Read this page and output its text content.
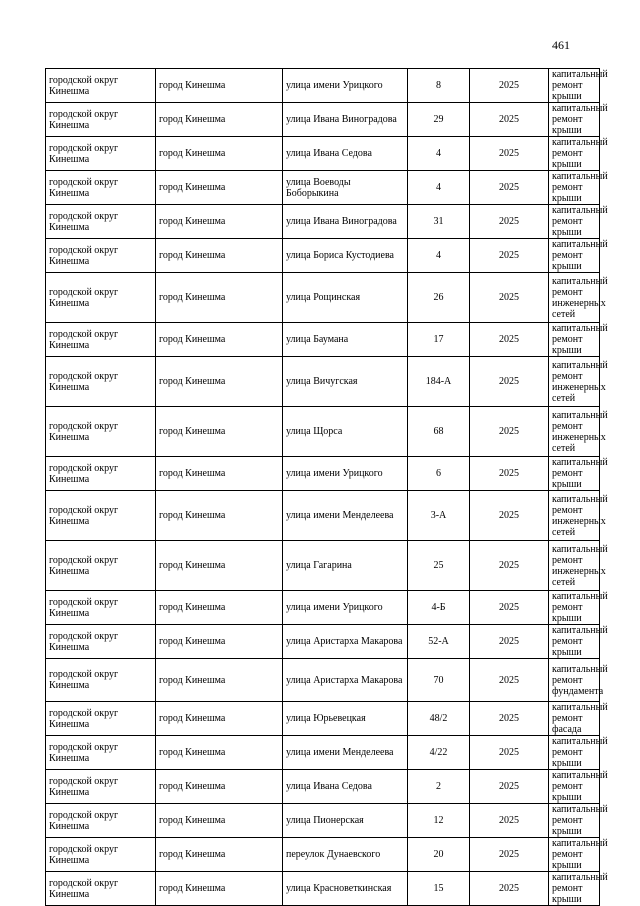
461
городской округ Кинешма	город Кинешма	улица имени Урицкого	8	2025	капитальный ремонт крыши
городской округ Кинешма	город Кинешма	улица Ивана Виноградова	29	2025	капитальный ремонт крыши
городской округ Кинешма	город Кинешма	улица Ивана Седова	4	2025	капитальный ремонт крыши
городской округ Кинешма	город Кинешма	улица Воеводы Боборыкина	4	2025	капитальный ремонт крыши
городской округ Кинешма	город Кинешма	улица Ивана Виноградова	31	2025	капитальный ремонт крыши
городской округ Кинешма	город Кинешма	улица Бориса Кустодиева	4	2025	капитальный ремонт крыши
городской округ Кинешма	город Кинешма	улица Рощинская	26	2025	капитальный ремонт инженерных сетей
городской округ Кинешма	город Кинешма	улица Баумана	17	2025	капитальный ремонт крыши
городской округ Кинешма	город Кинешма	улица Вичугская	184-А	2025	капитальный ремонт инженерных сетей
городской округ Кинешма	город Кинешма	улица Щорса	68	2025	капитальный ремонт инженерных сетей
городской округ Кинешма	город Кинешма	улица имени Урицкого	6	2025	капитальный ремонт крыши
городской округ Кинешма	город Кинешма	улица имени Менделеева	3-А	2025	капитальный ремонт инженерных сетей
городской округ Кинешма	город Кинешма	улица Гагарина	25	2025	капитальный ремонт инженерных сетей
городской округ Кинешма	город Кинешма	улица имени Урицкого	4-Б	2025	капитальный ремонт крыши
городской округ Кинешма	город Кинешма	улица Аристарха Макарова	52-А	2025	капитальный ремонт крыши
городской округ Кинешма	город Кинешма	улица Аристарха Макарова	70	2025	капитальный ремонт фундамента
городской округ Кинешма	город Кинешма	улица Юрьевецкая	48/2	2025	капитальный ремонт фасада
городской округ Кинешма	город Кинешма	улица имени Менделеева	4/22	2025	капитальный ремонт крыши
городской округ Кинешма	город Кинешма	улица Ивана Седова	2	2025	капитальный ремонт крыши
городской округ Кинешма	город Кинешма	улица Пионерская	12	2025	капитальный ремонт крыши
городской округ Кинешма	город Кинешма	переулок Дунаевского	20	2025	капитальный ремонт крыши
городской округ Кинешма	город Кинешма	улица Красноветкинская	15	2025	капитальный ремонт крыши
